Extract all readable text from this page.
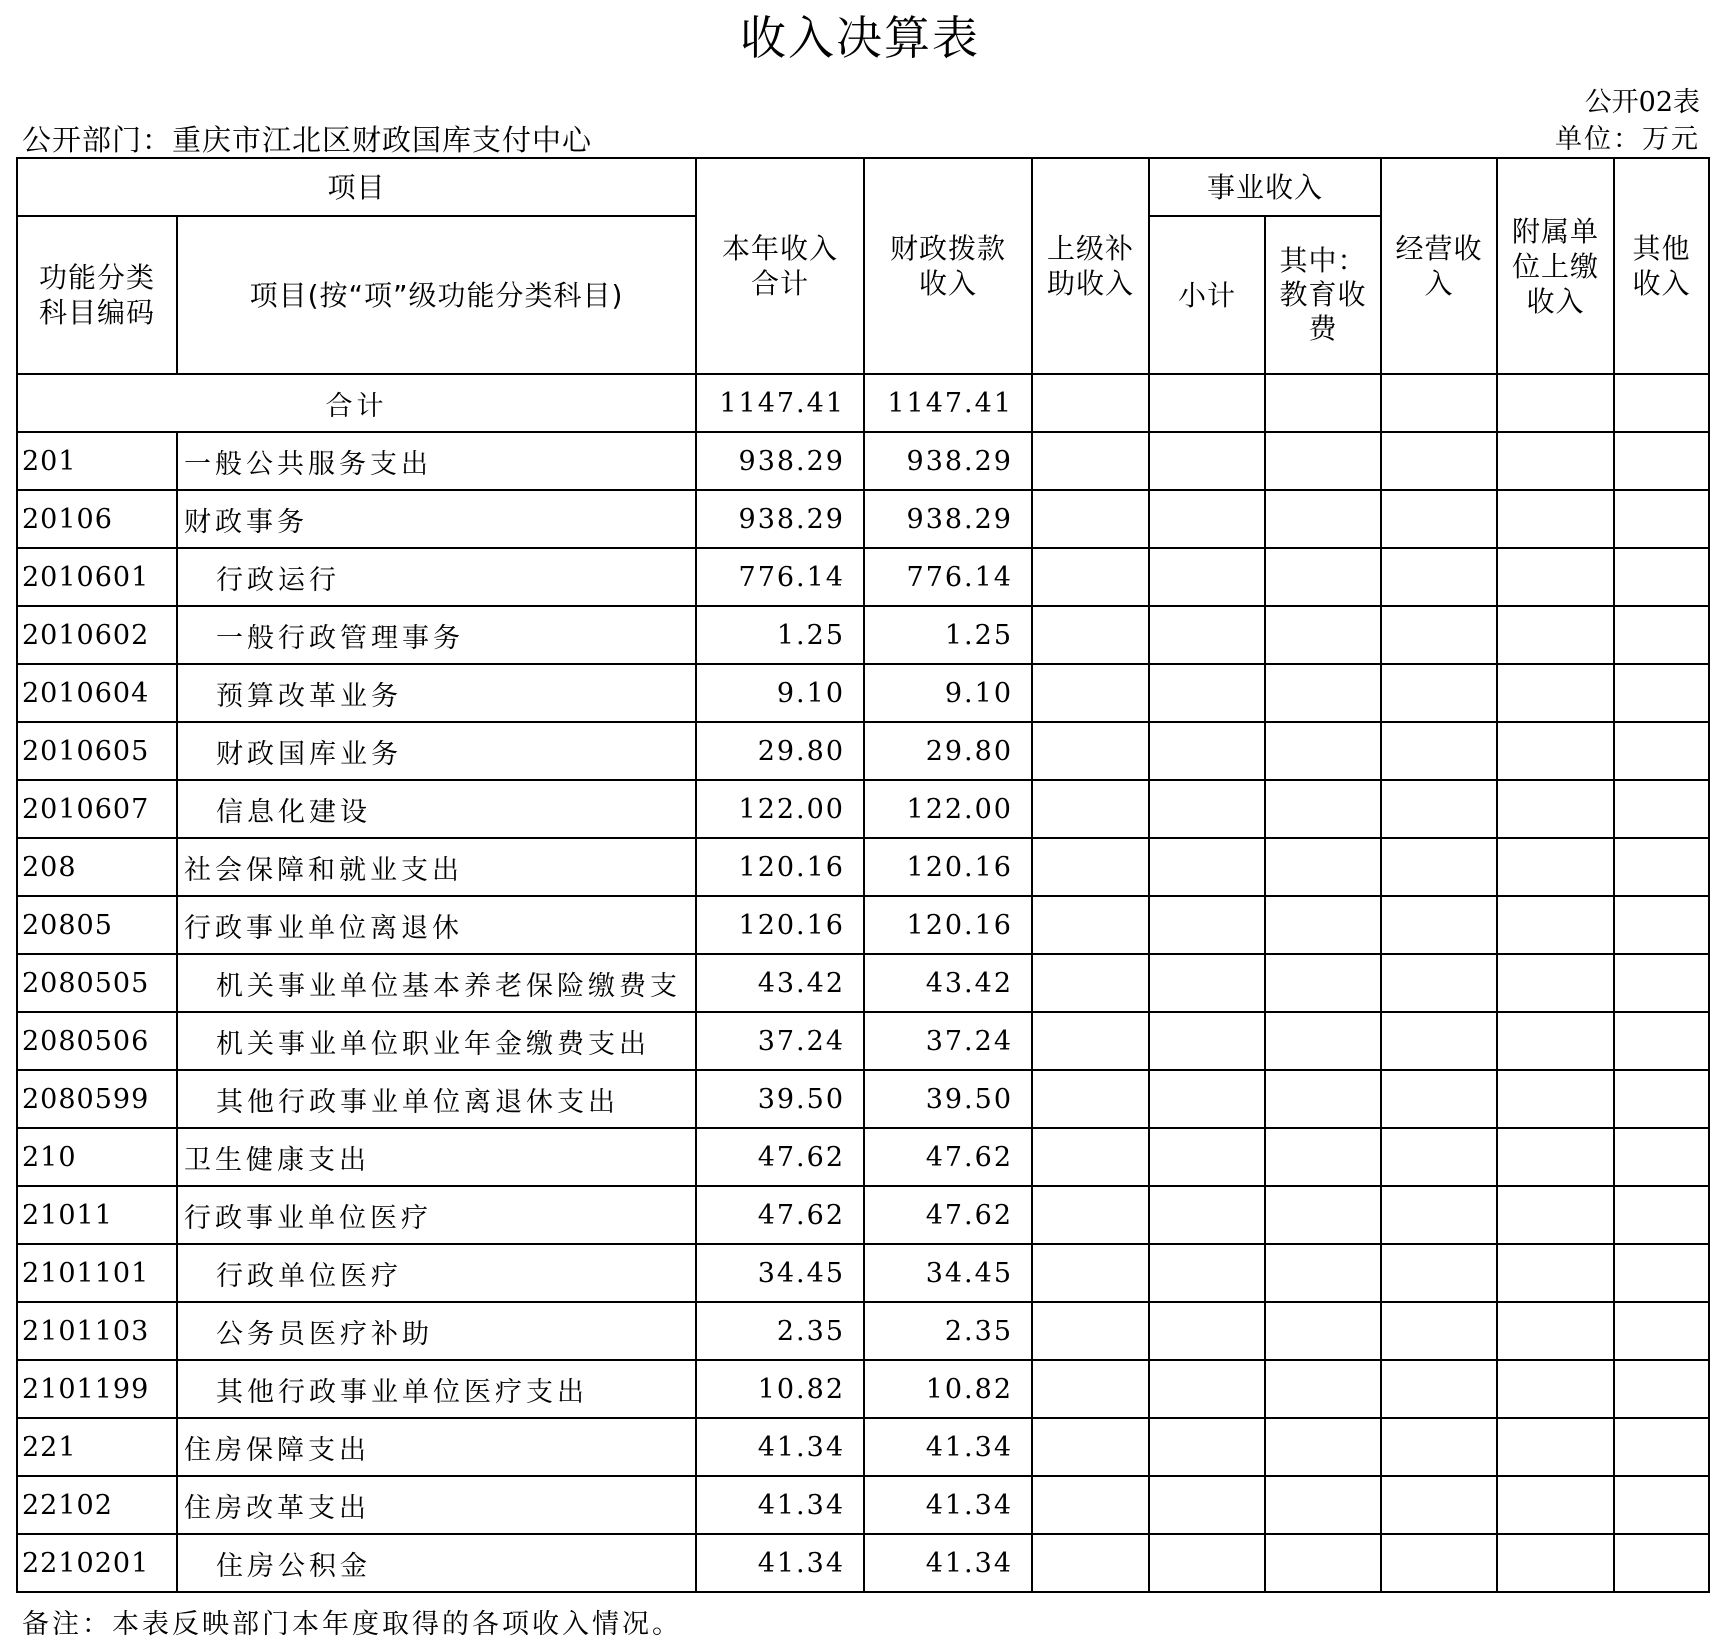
收入决算表
公开02表
公开部门：重庆市江北区财政国库支付中心	单位：万元
项目		本年收入合计	财政拨款收入	上级补助收入	事业收入		经营收入	附属单位上缴收入	其他收入
功能分类科目编码	项目(按“项”级功能分类科目)				小计	其中：教育收费			

合计		1147.41	1147.41						
201	一般公共服务支出	938.29	938.29						
20106	财政事务	938.29	938.29						
2010601	行政运行	776.14	776.14						
2010602	一般行政管理事务	1.25	1.25						
2010604	预算改革业务	9.10	9.10						
2010605	财政国库业务	29.80	29.80						
2010607	信息化建设	122.00	122.00						
208	社会保障和就业支出	120.16	120.16						
20805	行政事业单位离退休	120.16	120.16						
2080505	机关事业单位基本养老保险缴费支	43.42	43.42						
2080506	机关事业单位职业年金缴费支出	37.24	37.24						
2080599	其他行政事业单位离退休支出	39.50	39.50						
210	卫生健康支出	47.62	47.62						
21011	行政事业单位医疗	47.62	47.62						
2101101	行政单位医疗	34.45	34.45						
2101103	公务员医疗补助	2.35	2.35						
2101199	其他行政事业单位医疗支出	10.82	10.82						
221	住房保障支出	41.34	41.34						
22102	住房改革支出	41.34	41.34						
2210201	住房公积金	41.34	41.34						
备注：本表反映部门本年度取得的各项收入情况。
